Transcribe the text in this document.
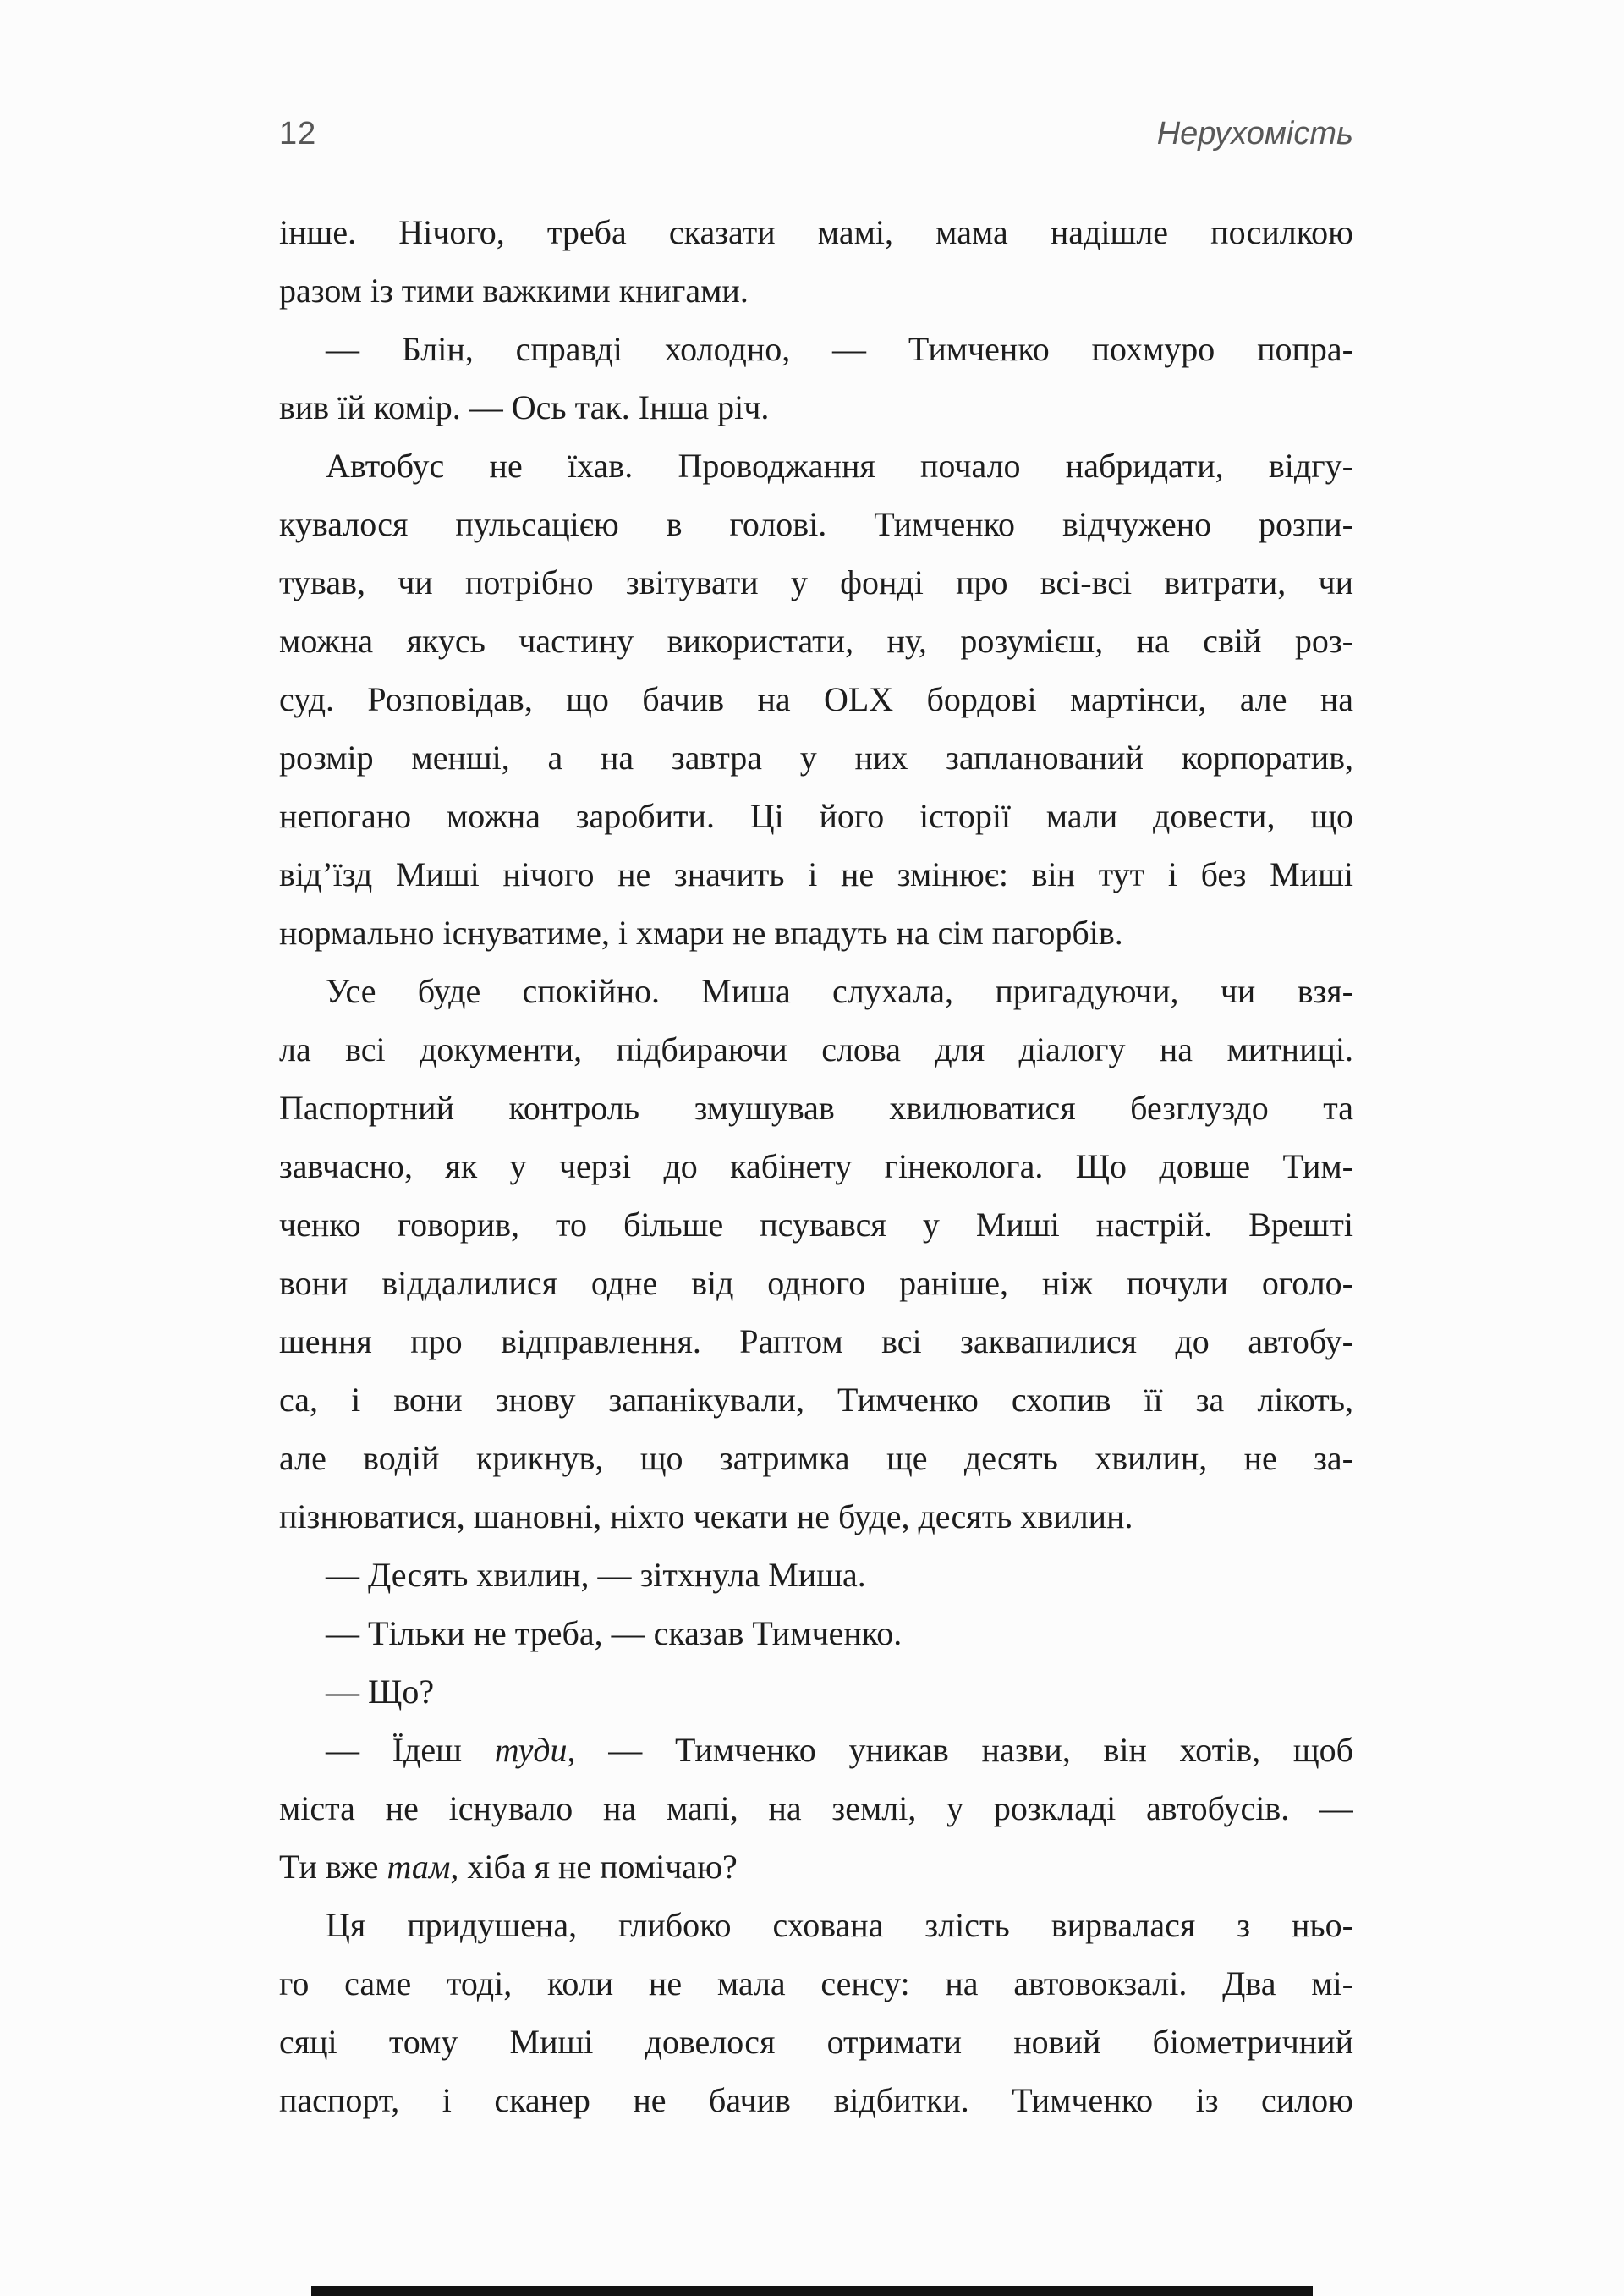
12	Нерухомість
інше. Нічого, треба сказати мамі, мама надішле посилкою
разом із тими важкими книгами.
— Блін, справді холодно, — Тимченко похмуро попра-
вив їй комір. — Ось так. Інша річ.
Автобус не їхав. Проводжання почало набридати, відгу-
кувалося пульсацією в голові. Тимченко відчужено розпи-
тував, чи потрібно звітувати у фонді про всі-всі витрати, чи
можна якусь частину використати, ну, розумієш, на свій роз-
суд. Розповідав, що бачив на OLX бордові мартінси, але на
розмір менші, а на завтра у них запланований корпоратив,
непогано можна заробити. Ці його історії мали довести, що
від’їзд Миші нічого не значить і не змінює: він тут і без Миші
нормально існуватиме, і хмари не впадуть на сім пагорбів.
Усе буде спокійно. Миша слухала, пригадуючи, чи взя-
ла всі документи, підбираючи слова для діалогу на митниці.
Паспортний контроль змушував хвилюватися безглуздо та
завчасно, як у черзі до кабінету гінеколога. Що довше Тим-
ченко говорив, то більше псувався у Миші настрій. Врешті
вони віддалилися одне від одного раніше, ніж почули оголо-
шення про відправлення. Раптом всі заквапилися до автобу-
са, і вони знову запанікували, Тимченко схопив її за лікоть,
але водій крикнув, що затримка ще десять хвилин, не за-
пізнюватися, шановні, ніхто чекати не буде, десять хвилин.
— Десять хвилин, — зітхнула Миша.
— Тільки не треба, — сказав Тимченко.
— Що?
— Їдеш туди, — Тимченко уникав назви, він хотів, щоб
міста не існувало на мапі, на землі, у розкладі автобусів. —
Ти вже там, хіба я не помічаю?
Ця придушена, глибоко схована злість вирвалася з ньо-
го саме тоді, коли не мала сенсу: на автовокзалі. Два мі-
сяці тому Миші довелося отримати новий біометричний
паспорт, і сканер не бачив відбитки. Тимченко із силою
